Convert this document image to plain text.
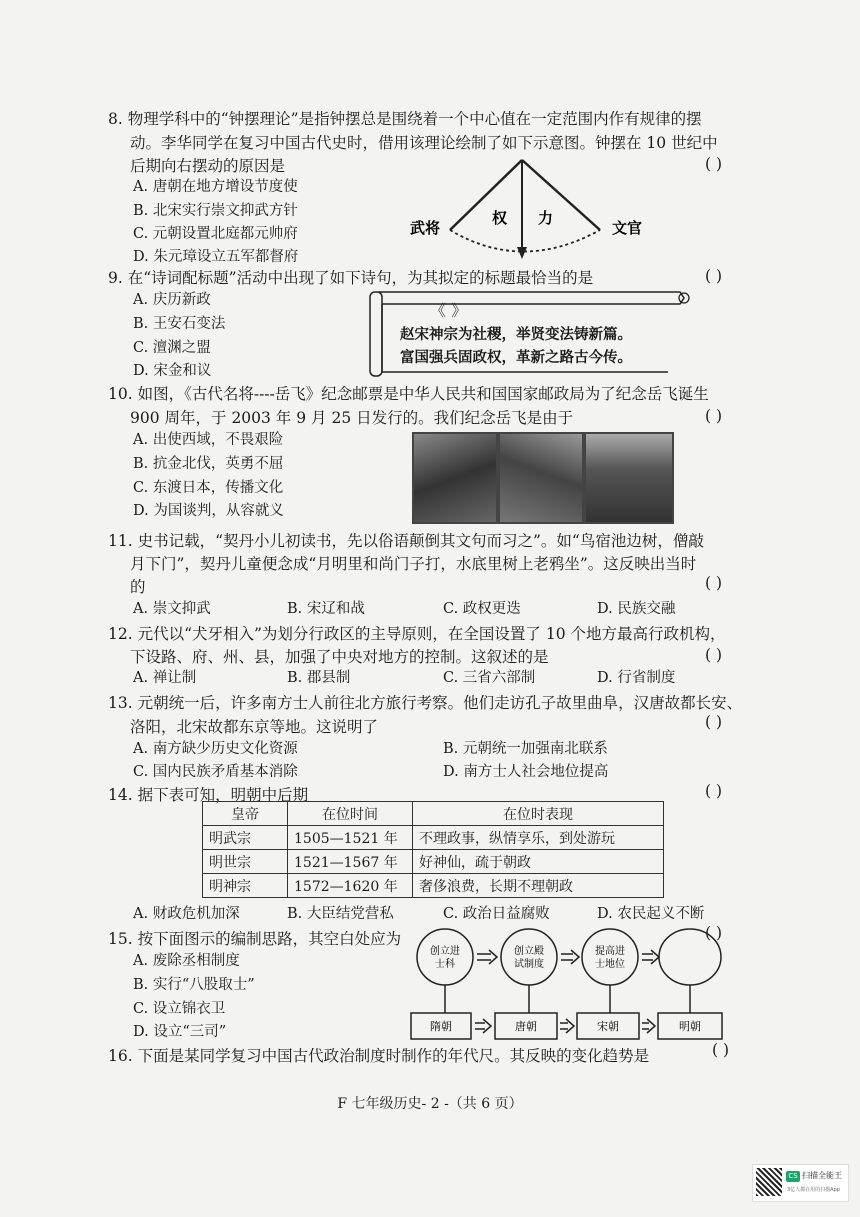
8. 物理学科中的“钟摆理论”是指钟摆总是围绕着一个中心值在一定范围内作有规律的摆
动。李华同学在复习中国古代史时，借用该理论绘制了如下示意图。钟摆在 10 世纪中
后期向右摆动的原因是	( )
A. 唐朝在地方增设节度使
B. 北宋实行崇文抑武方针
C. 元朝设置北庭都元帅府
D. 朱元璋设立五军都督府
武将	文官
权 力
9. 在“诗词配标题”活动中出现了如下诗句，为其拟定的标题最恰当的是	( )
A. 庆历新政
B. 王安石变法
C. 澶渊之盟
D. 宋金和议
《 》
赵宋神宗为社稷，举贤变法铸新篇。
富国强兵固政权，革新之路古今传。
10. 如图，《古代名将----岳飞》纪念邮票是中华人民共和国国家邮政局为了纪念岳飞诞生
900 周年，于 2003 年 9 月 25 日发行的。我们纪念岳飞是由于	( )
A. 出使西域，不畏艰险
B. 抗金北伐，英勇不屈
C. 东渡日本，传播文化
D. 为国谈判，从容就义
11. 史书记载，“契丹小儿初读书，先以俗语颠倒其文句而习之”。如“鸟宿池边树，僧敲
月下门”，契丹儿童便念成“月明里和尚门子打，水底里树上老鸦坐”。这反映出当时
的	( )
A. 崇文抑武	B. 宋辽和战	C. 政权更迭	D. 民族交融
12. 元代以“犬牙相入”为划分行政区的主导原则，在全国设置了 10 个地方最高行政机构，
下设路、府、州、县，加强了中央对地方的控制。这叙述的是	( )
A. 禅让制	B. 郡县制	C. 三省六部制	D. 行省制度
13. 元朝统一后，许多南方士人前往北方旅行考察。他们走访孔子故里曲阜，汉唐故都长安、
洛阳，北宋故都东京等地。这说明了	( )
A. 南方缺少历史文化资源	B. 元朝统一加强南北联系
C. 国内民族矛盾基本消除	D. 南方士人社会地位提高
14. 据下表可知，明朝中后期	( )
皇帝	在位时间	在位时表现
明武宗	1505—1521 年	不理政事，纵情享乐，到处游玩
明世宗	1521—1567 年	好神仙，疏于朝政
明神宗	1572—1620 年	奢侈浪费，长期不理朝政
A. 财政危机加深	B. 大臣结党营私	C. 政治日益腐败	D. 农民起义不断
15. 按下面图示的编制思路，其空白处应为	( )
A. 废除丞相制度
B. 实行“八股取士”
C. 设立锦衣卫
D. 设立“三司”
创立进
士科
创立殿
试制度
提高进
士地位
隋朝	唐朝	宋朝	明朝
16. 下面是某同学复习中国古代政治制度时制作的年代尺。其反映的变化趋势是	( )
F 七年级历史- 2 -（共 6 页）
CS 扫描全能王
3亿人都在用的扫描App
